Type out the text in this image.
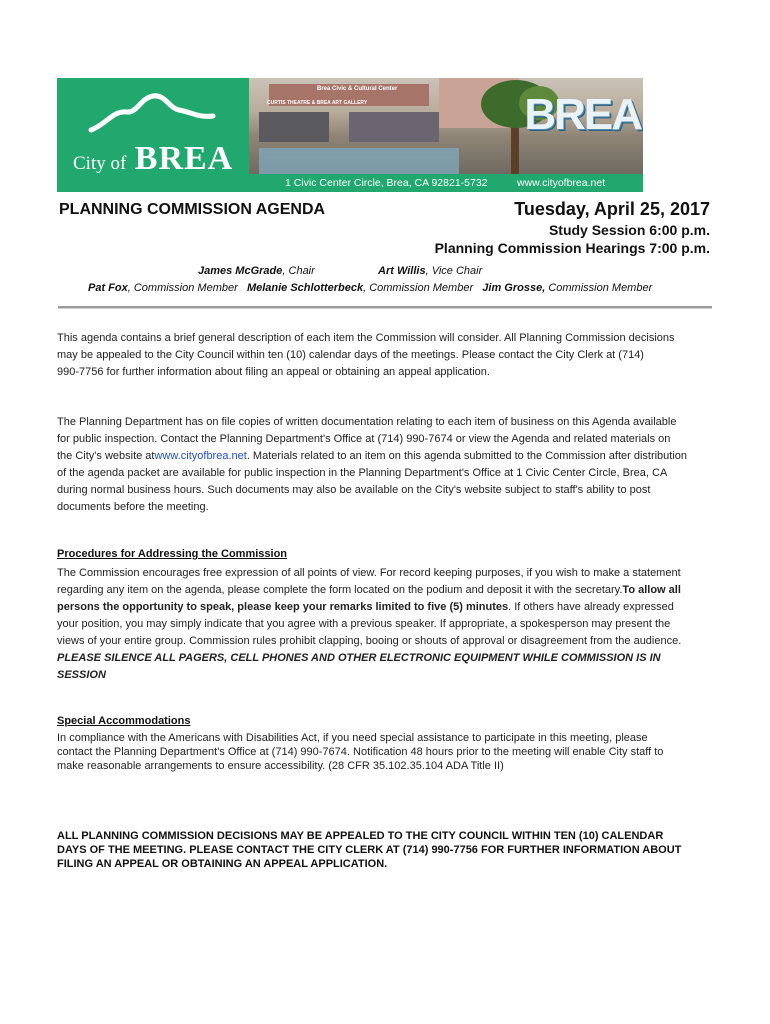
City of BREA
Brea Civic & Cultural Center
CURTIS THEATRE & BREA ART GALLERY	BREA
1 Civic Center Circle, Brea, CA 92821-5732	www.cityofbrea.net
PLANNING COMMISSION AGENDA	Tuesday, April 25, 2017
Study Session 6:00 p.m.
Planning Commission Hearings 7:00 p.m.
James McGrade, Chair	Art Willis, Vice Chair
Pat Fox, Commission Member Melanie Schlotterbeck, Commission Member Jim Grosse, Commission Member
This agenda contains a brief general description of each item the Commission will consider. All Planning Commission decisions
may be appealed to the City Council within ten (10) calendar days of the meetings. Please contact the City Clerk at (714)
990-7756 for further information about filing an appeal or obtaining an appeal application.
The Planning Department has on file copies of written documentation relating to each item of business on this Agenda available
for public inspection. Contact the Planning Department's Office at (714) 990-7674 or view the Agenda and related materials on
the City's website atwww.cityofbrea.net. Materials related to an item on this agenda submitted to the Commission after distribution
of the agenda packet are available for public inspection in the Planning Department's Office at 1 Civic Center Circle, Brea, CA
during normal business hours. Such documents may also be available on the City's website subject to staff's ability to post
documents before the meeting.
Procedures for Addressing the Commission
The Commission encourages free expression of all points of view. For record keeping purposes, if you wish to make a statement
regarding any item on the agenda, please complete the form located on the podium and deposit it with the secretary.To allow all
persons the opportunity to speak, please keep your remarks limited to five (5) minutes. If others have already expressed
your position, you may simply indicate that you agree with a previous speaker. If appropriate, a spokesperson may present the
views of your entire group. Commission rules prohibit clapping, booing or shouts of approval or disagreement from the audience.
PLEASE SILENCE ALL PAGERS, CELL PHONES AND OTHER ELECTRONIC EQUIPMENT WHILE COMMISSION IS IN
SESSION
Special Accommodations
In compliance with the Americans with Disabilities Act, if you need special assistance to participate in this meeting, please
contact the Planning Department's Office at (714) 990-7674. Notification 48 hours prior to the meeting will enable City staff to
make reasonable arrangements to ensure accessibility. (28 CFR 35.102.35.104 ADA Title II)
ALL PLANNING COMMISSION DECISIONS MAY BE APPEALED TO THE CITY COUNCIL WITHIN TEN (10) CALENDAR
DAYS OF THE MEETING. PLEASE CONTACT THE CITY CLERK AT (714) 990-7756 FOR FURTHER INFORMATION ABOUT
FILING AN APPEAL OR OBTAINING AN APPEAL APPLICATION.
